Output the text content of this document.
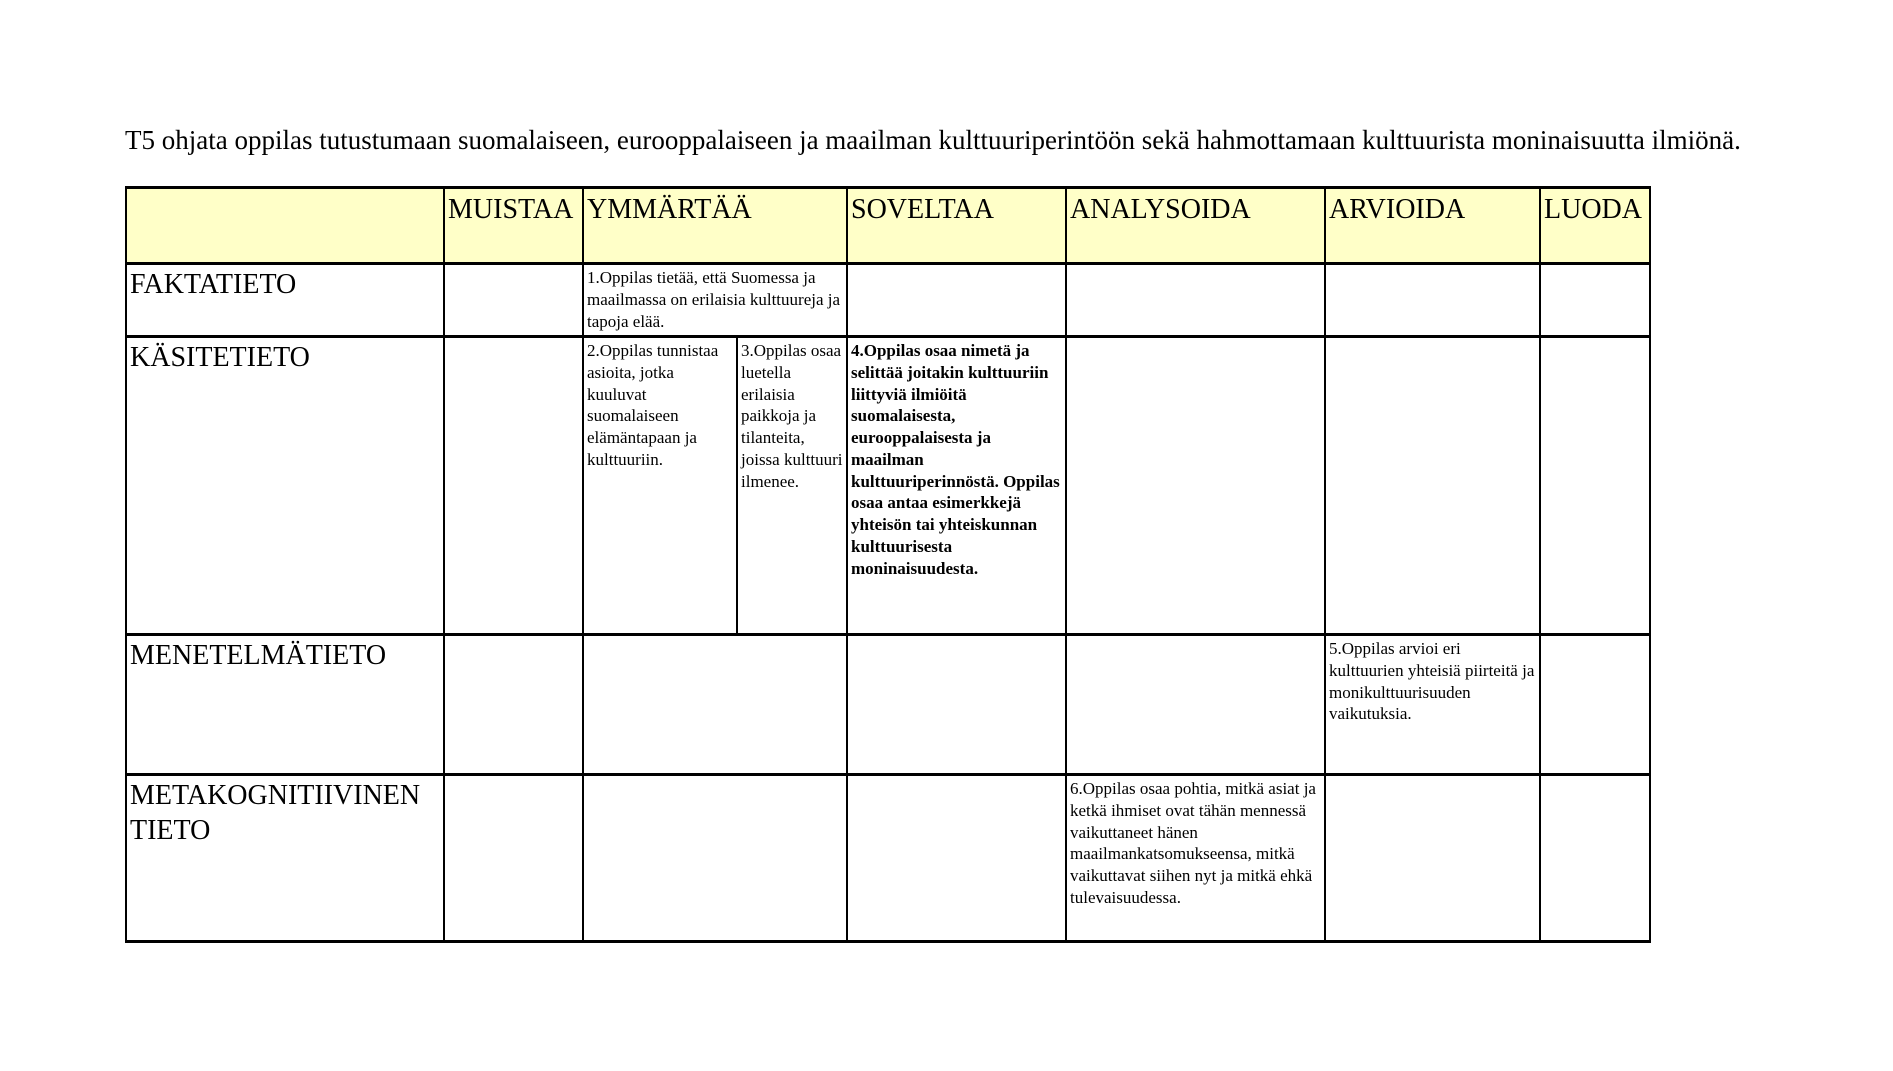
T5 ohjata oppilas tutustumaan suomalaiseen, eurooppalaiseen ja maailman kulttuuriperintöön sekä hahmottamaan kulttuurista moninaisuutta ilmiönä.

	MUISTAA	YMMÄRTÄÄ		SOVELTAA	ANALYSOIDA	ARVIOIDA	LUODA
FAKTATIETO		1.Oppilas tietää, että Suomessa ja maailmassa on erilaisia kulttuureja ja tapoja elää.					
KÄSITETIETO		2.Oppilas tunnistaa asioita, jotka kuuluvat suomalaiseen elämäntapaan ja kulttuuriin.	3.Oppilas osaa luetella erilaisia paikkoja ja tilanteita, joissa kulttuuri ilmenee.	4.Oppilas osaa nimetä ja selittää joitakin kulttuuriin liittyviä ilmiöitä suomalaisesta, eurooppalaisesta ja maailman kulttuuriperinnöstä. Oppilas osaa antaa esimerkkejä yhteisön tai yhteiskunnan kulttuurisesta moninaisuudesta.			
MENETELMÄTIETO						5.Oppilas arvioi eri kulttuurien yhteisiä piirteitä ja monikulttuurisuuden vaikutuksia.	
METAKOGNITIIVINEN TIETO					6.Oppilas osaa pohtia, mitkä asiat ja ketkä ihmiset ovat tähän mennessä vaikuttaneet hänen maailmankatsomukseensa, mitkä vaikuttavat siihen nyt ja mitkä ehkä tulevaisuudessa.		
